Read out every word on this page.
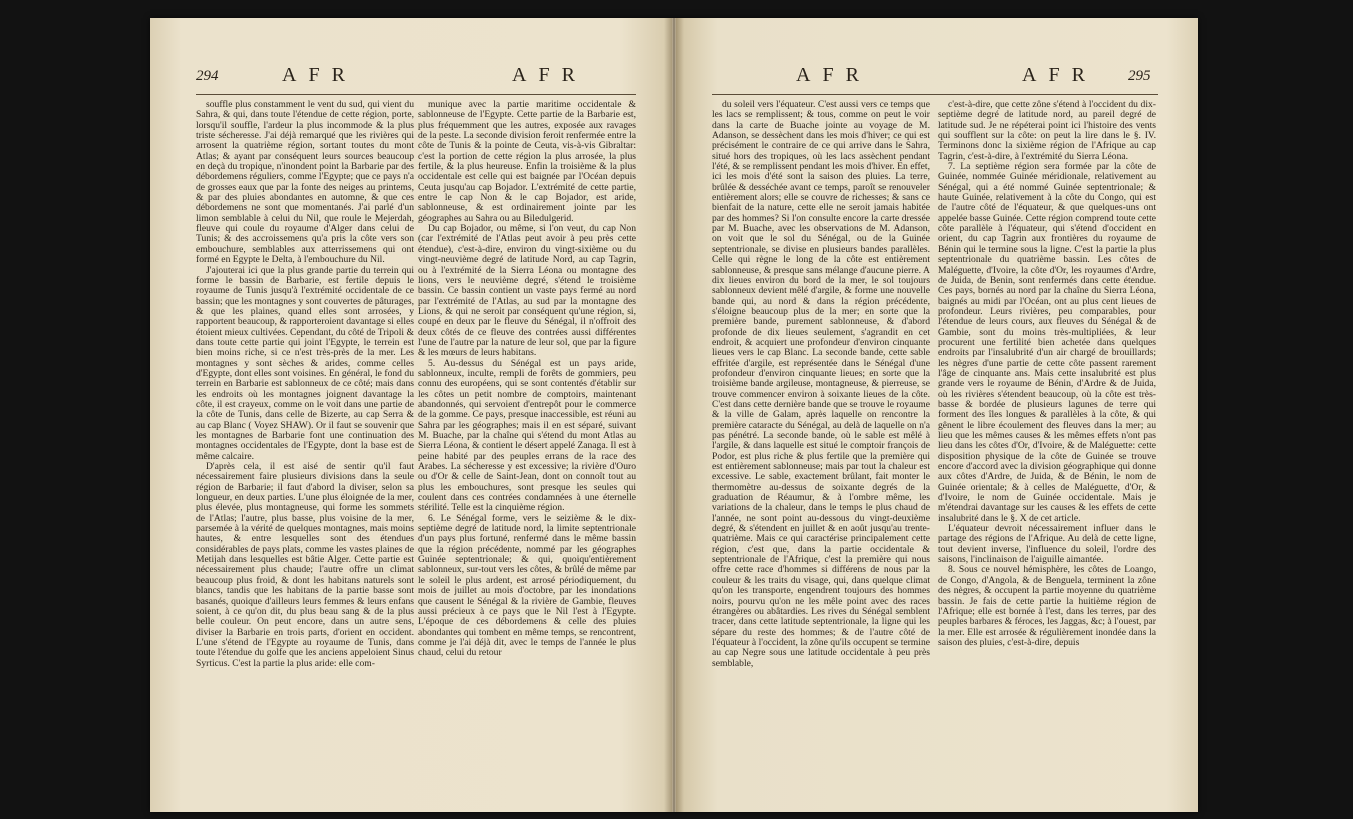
294	AFR	AFR

souffle plus constamment le vent du sud, qui vient du Sahra, & qui, dans toute l'étendue de cette région, porte, lorsqu'il souffle, l'ardeur la plus incommode & la plus triste sécheresse. J'ai déjà remarqué que les rivières qui arrosent la quatrième région, sortant toutes du mont Atlas; & ayant par conséquent leurs sources beaucoup en deçà du tropique, n'inondent point la Barbarie par des débordemens réguliers, comme l'Egypte; que ce pays n'a de grosses eaux que par la fonte des neiges au printems, & par des pluies abondantes en automne, & que ces débordemens ne sont que momentanés. J'ai parlé d'un limon semblable à celui du Nil, que roule le Mejerdah, fleuve qui coule du royaume d'Alger dans celui de Tunis; & des accroissemens qu'a pris la côte vers son embouchure, semblables aux atterrissemens qui ont formé en Egypte le Delta, à l'embouchure du Nil.

J'ajouterai ici que la plus grande partie du terrein qui forme le bassin de Barbarie, est fertile depuis le royaume de Tunis jusqu'à l'extrémité occidentale de ce bassin; que les montagnes y sont couvertes de pâturages, & que les plaines, quand elles sont arrosées, y rapportent beaucoup, & rapporteroient davantage si elles étoient mieux cultivées. Cependant, du côté de Tripoli & dans toute cette partie qui joint l'Egypte, le terrein est bien moins riche, si ce n'est très-près de la mer. Les montagnes y sont sèches & arides, comme celles d'Egypte, dont elles sont voisines. En général, le fond du terrein en Barbarie est sablonneux de ce côté; mais dans les endroits où les montagnes joignent davantage la côte, il est crayeux, comme on le voit dans une partie de la côte de Tunis, dans celle de Bizerte, au cap Serra & au cap Blanc ( Voyez SHAW). Or il faut se souvenir que les montagnes de Barbarie font une continuation des montagnes occidentales de l'Egypte, dont la base est de même calcaire.

D'après cela, il est aisé de sentir qu'il faut nécessairement faire plusieurs divisions dans la seule région de Barbarie; il faut d'abord la diviser, selon sa longueur, en deux parties. L'une plus éloignée de la mer, plus élevée, plus montagneuse, qui forme les sommets de l'Atlas; l'autre, plus basse, plus voisine de la mer, parsemée à la vérité de quelques montagnes, mais moins hautes, & entre lesquelles sont des étendues considérables de pays plats, comme les vastes plaines de Metijah dans lesquelles est bâtie Alger. Cette partie est nécessairement plus chaude; l'autre offre un climat beaucoup plus froid, & dont les habitans naturels sont blancs, tandis que les habitans de la partie basse sont basanés, quoique d'ailleurs leurs femmes & leurs enfans soient, à ce qu'on dit, du plus beau sang & de la plus belle couleur. On peut encore, dans un autre sens, diviser la Barbarie en trois parts, d'orient en occident. L'une s'étend de l'Egypte au royaume de Tunis, dans toute l'étendue du golfe que les anciens appeloient Sinus Syrticus. C'est la partie la plus aride: elle com-

munique avec la partie maritime occidentale & sablonneuse de l'Egypte. Cette partie de la Barbarie est, plus fréquemment que les autres, exposée aux ravages de la peste. La seconde division feroit renfermée entre la côte de Tunis & la pointe de Ceuta, vis-à-vis Gibraltar: c'est la portion de cette région la plus arrosée, la plus fertile, & la plus heureuse. Enfin la troisième & la plus occidentale est celle qui est baignée par l'Océan depuis Ceuta jusqu'au cap Bojador. L'extrémité de cette partie, entre le cap Non & le cap Bojador, est aride, sablonneuse, & est ordinairement jointe par les géographes au Sahra ou au Biledulgerid.

Du cap Bojador, ou même, si l'on veut, du cap Non (car l'extrémité de l'Atlas peut avoir à peu près cette étendue), c'est-à-dire, environ du vingt-sixième ou du vingt-neuvième degré de latitude Nord, au cap Tagrin, ou à l'extrémité de la Sierra Léona ou montagne des lions, vers le neuvième degré, s'étend le troisième bassin. Ce bassin contient un vaste pays fermé au nord par l'extrémité de l'Atlas, au sud par la montagne des Lions, & qui ne seroit par conséquent qu'une région, si, coupé en deux par le fleuve du Sénégal, il n'offroit des deux côtés de ce fleuve des contrées aussi différentes l'une de l'autre par la nature de leur sol, que par la figure & les mœurs de leurs habitans.

5. Au-dessus du Sénégal est un pays aride, sablonneux, inculte, rempli de forêts de gommiers, peu connu des européens, qui se sont contentés d'établir sur les côtes un petit nombre de comptoirs, maintenant abandonnés, qui servoient d'entrepôt pour le commerce de la gomme. Ce pays, presque inaccessible, est réuni au Sahra par les géographes; mais il en est séparé, suivant M. Buache, par la chaîne qui s'étend du mont Atlas au Sierra Léona, & contient le désert appelé Zanaga. Il est à peine habité par des peuples errans de la race des Arabes. La sécheresse y est excessive; la rivière d'Ouro ou d'Or & celle de Saint-Jean, dont on connoît tout au plus les embouchures, sont presque les seules qui coulent dans ces contrées condamnées à une éternelle stérilité. Telle est la cinquième région.

6. Le Sénégal forme, vers le seizième & le dix-septième degré de latitude nord, la limite septentrionale d'un pays plus fortuné, renfermé dans le même bassin que la région précédente, nommé par les géographes Guinée septentrionale; & qui, quoiqu'entièrement sablonneux, sur-tout vers les côtes, & brûlé de même par le soleil le plus ardent, est arrosé périodiquement, du mois de juillet au mois d'octobre, par les inondations que causent le Sénégal & la rivière de Gambie, fleuves aussi précieux à ce pays que le Nil l'est à l'Egypte. L'époque de ces débordemens & celle des pluies abondantes qui tombent en même temps, se rencontrent, comme je l'ai déjà dit, avec le temps de l'année le plus chaud, celui du retour

AFR	AFR 295

du soleil vers l'équateur. C'est aussi vers ce temps que les lacs se remplissent; & tous, comme on peut le voir dans la carte de Buache jointe au voyage de M. Adanson, se dessèchent dans les mois d'hiver; ce qui est précisément le contraire de ce qui arrive dans le Sahra, situé hors des tropiques, où les lacs assèchent pendant l'été, & se remplissent pendant les mois d'hiver. En effet, ici les mois d'été sont la saison des pluies. La terre, brûlée & desséchée avant ce temps, paroît se renouveler entièrement alors; elle se couvre de richesses; & sans ce bienfait de la nature, cette elle ne seroit jamais habitée par des hommes? Si l'on consulte encore la carte dressée par M. Buache, avec les observations de M. Adanson, on voit que le sol du Sénégal, ou de la Guinée septentrionale, se divise en plusieurs bandes parallèles. Celle qui règne le long de la côte est entièrement sablonneuse, & presque sans mélange d'aucune pierre. A dix lieues environ du bord de la mer, le sol toujours sablonneux devient mêlé d'argile, & forme une nouvelle bande qui, au nord & dans la région précédente, s'éloigne beaucoup plus de la mer; en sorte que la première bande, purement sablonneuse, & d'abord profonde de dix lieues seulement, s'agrandit en cet endroit, & acquiert une profondeur d'environ cinquante lieues vers le cap Blanc. La seconde bande, cette sable effritée d'argile, est représentée dans le Sénégal d'une profondeur d'environ cinquante lieues; en sorte que la troisième bande argileuse, montagneuse, & pierreuse, se trouve commencer environ à soixante lieues de la côte. C'est dans cette dernière bande que se trouve le royaume & la ville de Galam, après laquelle on rencontre la première cataracte du Sénégal, au delà de laquelle on n'a pas pénétré. La seconde bande, où le sable est mêlé à l'argile, & dans laquelle est situé le comptoir françois de Podor, est plus riche & plus fertile que la première qui est entièrement sablonneuse; mais par tout la chaleur est excessive. Le sable, exactement brûlant, fait monter le thermomètre au-dessus de soixante degrés de la graduation de Réaumur, & à l'ombre même, les variations de la chaleur, dans le temps le plus chaud de l'année, ne sont point au-dessous du vingt-deuxième degré, & s'étendent en juillet & en août jusqu'au trente-quatrième. Mais ce qui caractérise principalement cette région, c'est que, dans la partie occidentale & septentrionale de l'Afrique, c'est la première qui nous offre cette race d'hommes si différens de nous par la couleur & les traits du visage, qui, dans quelque climat qu'on les transporte, engendrent toujours des hommes noirs, pourvu qu'on ne les mêle point avec des races étrangères ou abâtardies. Les rives du Sénégal semblent tracer, dans cette latitude septentrionale, la ligne qui les sépare du reste des hommes; & de l'autre côté de l'équateur à l'occident, la zône qu'ils occupent se termine au cap Negre sous une latitude occidentale à peu près semblable,

c'est-à-dire, que cette zône s'étend à l'occident du dix-septième degré de latitude nord, au pareil degré de latitude sud. Je ne répéterai point ici l'histoire des vents qui soufflent sur la côte: on peut la lire dans le §. IV. Terminons donc la sixième région de l'Afrique au cap Tagrin, c'est-à-dire, à l'extrémité du Sierra Léona.

7. La septième région sera formée par la côte de Guinée, nommée Guinée méridionale, relativement au Sénégal, qui a été nommé Guinée septentrionale; & haute Guinée, relativement à la côte du Congo, qui est de l'autre côté de l'équateur, & que quelques-uns ont appelée basse Guinée. Cette région comprend toute cette côte parallèle à l'équateur, qui s'étend d'occident en orient, du cap Tagrin aux frontières du royaume de Bénin qui le termine sous la ligne. C'est la partie la plus septentrionale du quatrième bassin. Les côtes de Maléguette, d'Ivoire, la côte d'Or, les royaumes d'Ardre, de Juida, de Benin, sont renfermés dans cette étendue. Ces pays, bornés au nord par la chaîne du Sierra Léona, baignés au midi par l'Océan, ont au plus cent lieues de profondeur. Leurs rivières, peu comparables, pour l'étendue de leurs cours, aux fleuves du Sénégal & de Gambie, sont du moins très-multipliées, & leur procurent une fertilité bien achetée dans quelques endroits par l'insalubrité d'un air chargé de brouillards; les nègres d'une partie de cette côte passent rarement l'âge de cinquante ans. Mais cette insalubrité est plus grande vers le royaume de Bénin, d'Ardre & de Juida, où les rivières s'étendent beaucoup, où la côte est très-basse & bordée de plusieurs lagunes de terre qui forment des îles longues & parallèles à la côte, & qui gênent le libre écoulement des fleuves dans la mer; au lieu que les mêmes causes & les mêmes effets n'ont pas lieu dans les côtes d'Or, d'Ivoire, & de Maléguette: cette disposition physique de la côte de Guinée se trouve encore d'accord avec la division géographique qui donne aux côtes d'Ardre, de Juida, & de Bénin, le nom de Guinée orientale; & à celles de Maléguette, d'Or, & d'Ivoire, le nom de Guinée occidentale. Mais je m'étendrai davantage sur les causes & les effets de cette insalubrité dans le §. X de cet article.

L'équateur devroit nécessairement influer dans le partage des régions de l'Afrique. Au delà de cette ligne, tout devient inverse, l'influence du soleil, l'ordre des saisons, l'inclinaison de l'aiguille aimantée.

8. Sous ce nouvel hémisphère, les côtes de Loango, de Congo, d'Angola, & de Benguela, terminent la zône des nègres, & occupent la partie moyenne du quatrième bassin. Je fais de cette partie la huitième région de l'Afrique; elle est bornée à l'est, dans les terres, par des peuples barbares & féroces, les Jaggas, &c; à l'ouest, par la mer. Elle est arrosée & régulièrement inondée dans la saison des pluies, c'est-à-dire, depuis
